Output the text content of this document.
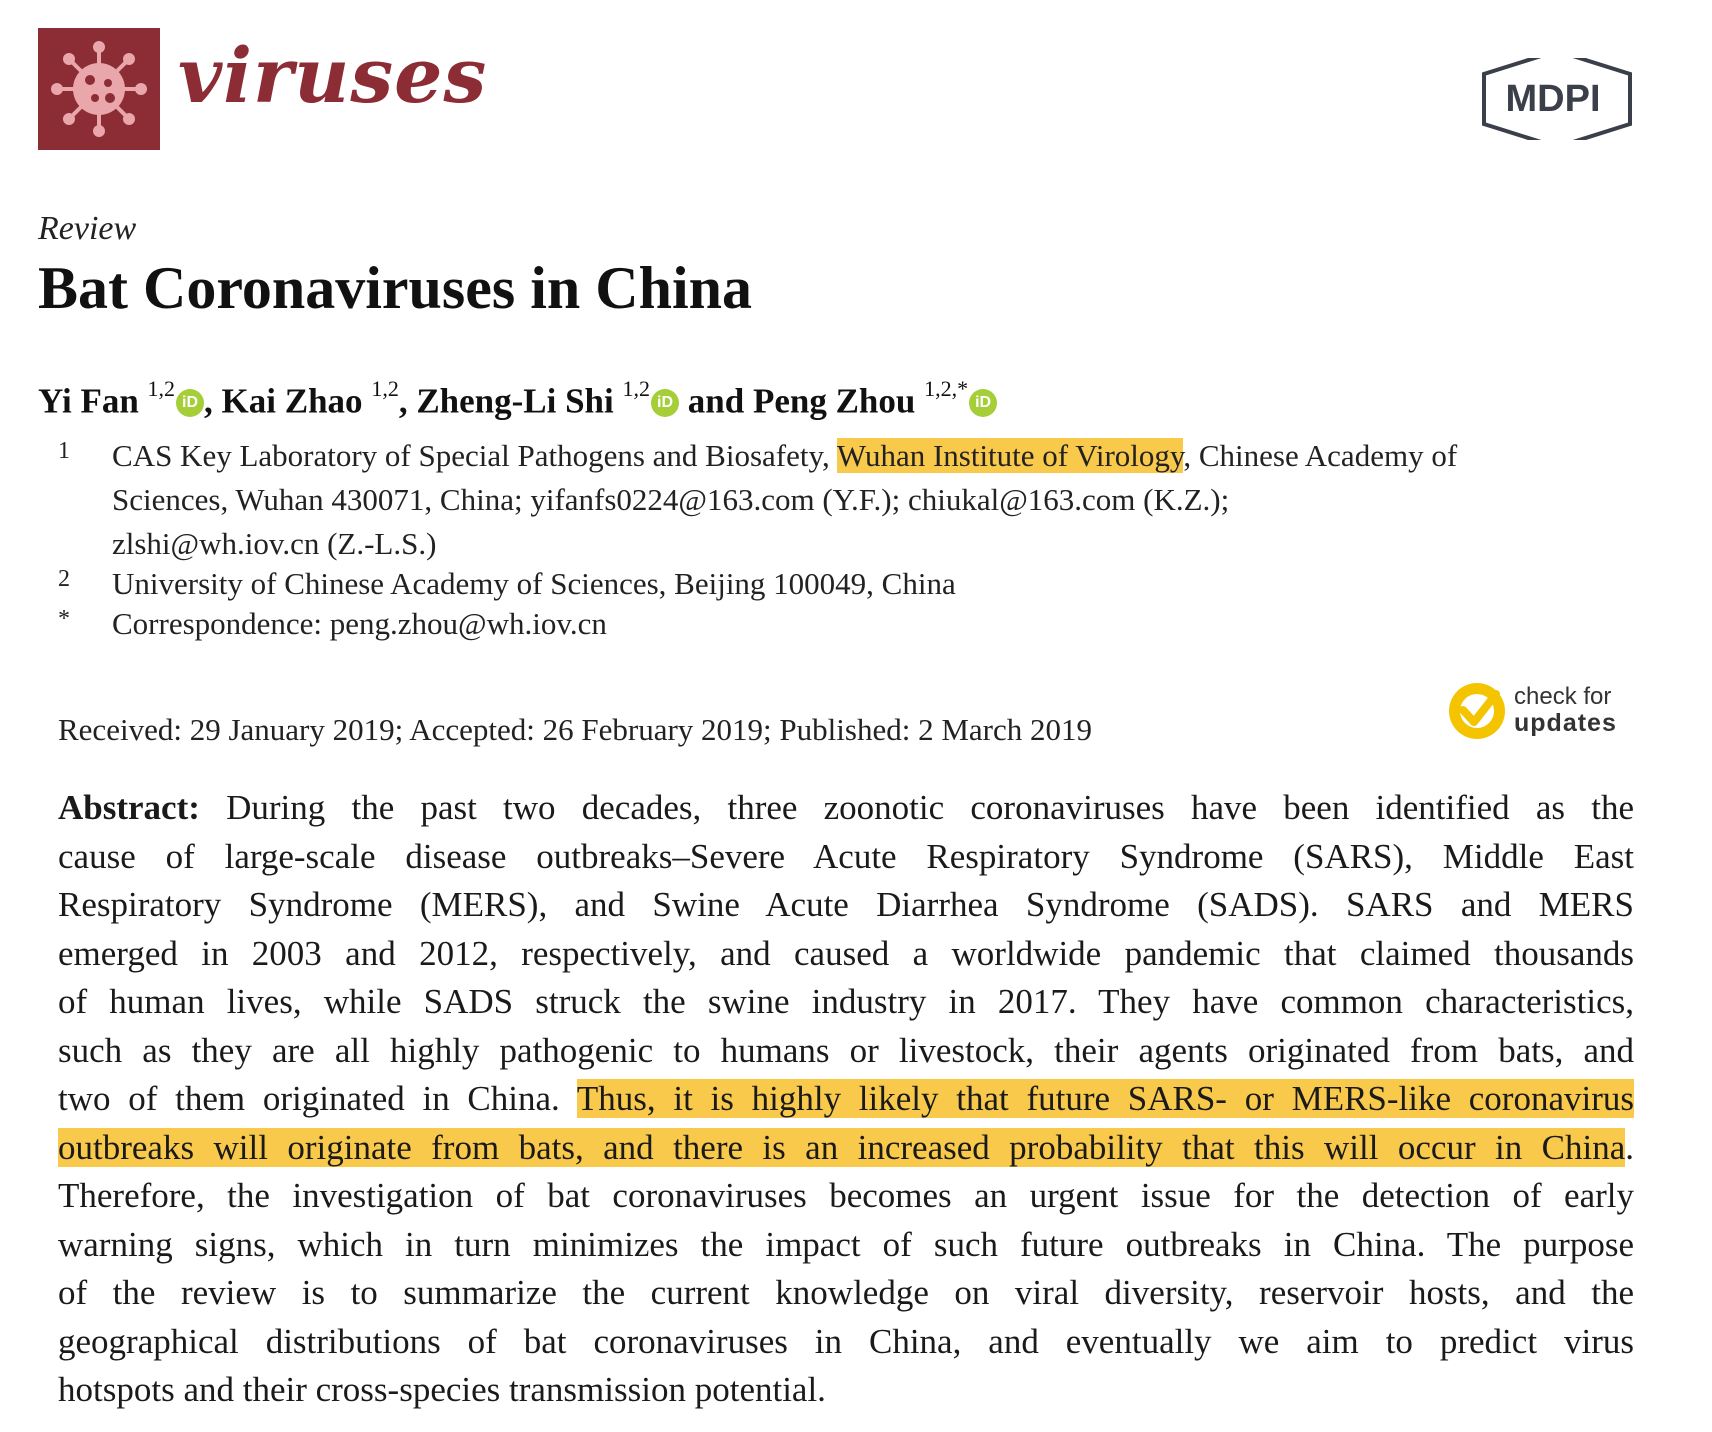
viruses	MDPI
Review
Bat Coronaviruses in China
Yi Fan $^{1,2}$iD , Kai Zhao $^{1,2}$, Zheng-Li Shi $^{1,2}$iD and Peng Zhou $^{1,2,*}$iD
1 CAS Key Laboratory of Special Pathogens and Biosafety, Wuhan Institute of Virology, Chinese Academy of
Sciences, Wuhan 430071, China; yifanfs0224@163.com (Y.F.); chiukal@163.com (K.Z.);
zlshi@wh.iov.cn (Z.-L.S.)
2 University of Chinese Academy of Sciences, Beijing 100049, China
* Correspondence: peng.zhou@wh.iov.cn
Received: 29 January 2019; Accepted: 26 February 2019; Published: 2 March 2019
check for
updates
Abstract: During the past two decades, three zoonotic coronaviruses have been identified as the
cause of large-scale disease outbreaks–Severe Acute Respiratory Syndrome (SARS), Middle East
Respiratory Syndrome (MERS), and Swine Acute Diarrhea Syndrome (SADS). SARS and MERS
emerged in 2003 and 2012, respectively, and caused a worldwide pandemic that claimed thousands
of human lives, while SADS struck the swine industry in 2017. They have common characteristics,
such as they are all highly pathogenic to humans or livestock, their agents originated from bats, and
two of them originated in China. Thus, it is highly likely that future SARS- or MERS-like coronavirus
outbreaks will originate from bats, and there is an increased probability that this will occur in China.
Therefore, the investigation of bat coronaviruses becomes an urgent issue for the detection of early
warning signs, which in turn minimizes the impact of such future outbreaks in China. The purpose
of the review is to summarize the current knowledge on viral diversity, reservoir hosts, and the
geographical distributions of bat coronaviruses in China, and eventually we aim to predict virus
hotspots and their cross-species transmission potential.
